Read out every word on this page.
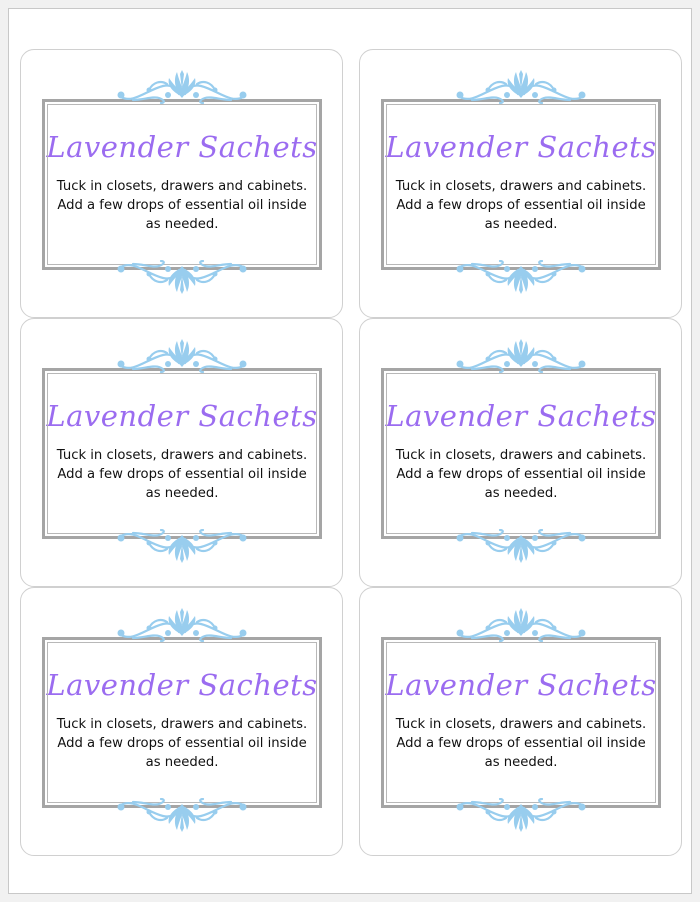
Lavender Sachets
Tuck in closets, drawers and cabinets. Add a few drops of essential oil inside as needed.
Lavender Sachets
Tuck in closets, drawers and cabinets. Add a few drops of essential oil inside as needed.
Lavender Sachets
Tuck in closets, drawers and cabinets. Add a few drops of essential oil inside as needed.
Lavender Sachets
Tuck in closets, drawers and cabinets. Add a few drops of essential oil inside as needed.
Lavender Sachets
Tuck in closets, drawers and cabinets. Add a few drops of essential oil inside as needed.
Lavender Sachets
Tuck in closets, drawers and cabinets. Add a few drops of essential oil inside as needed.
